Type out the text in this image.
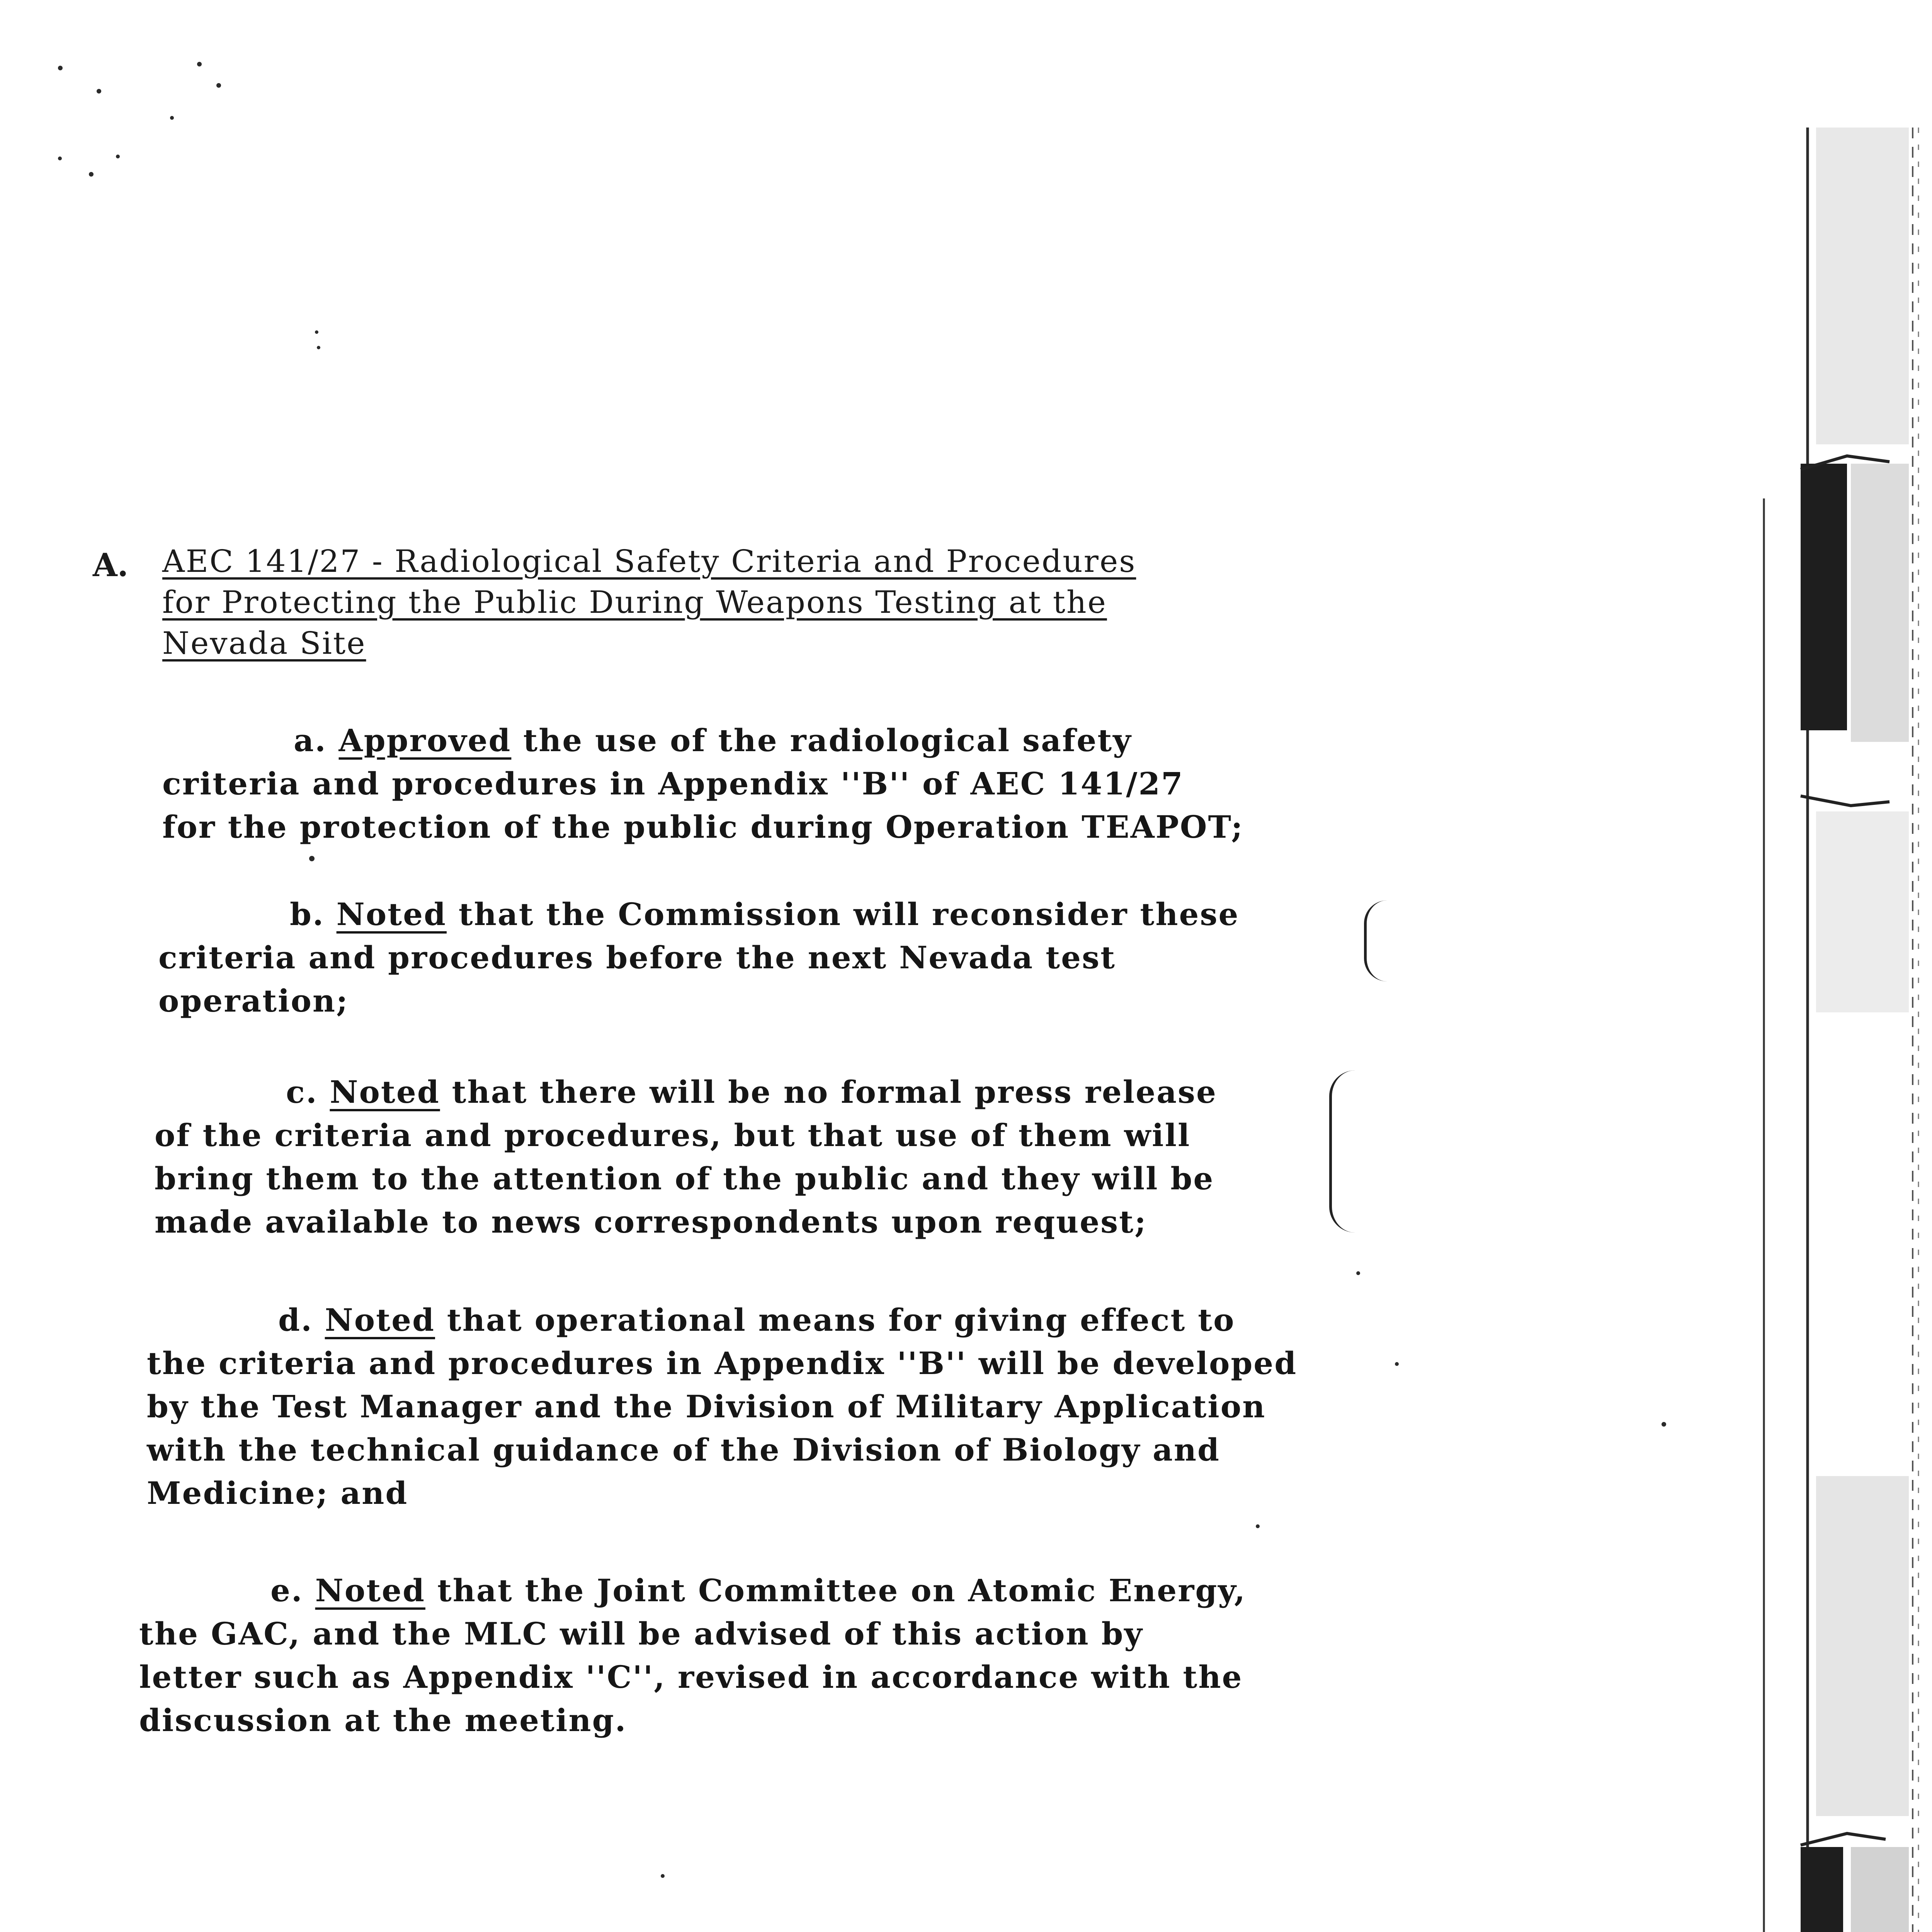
A. AEC 141/27 - Radiological Safety Criteria and Procedures
for Protecting the Public During Weapons Testing at the
Nevada Site
a. Approved the use of the radiological safety
criteria and procedures in Appendix ''B'' of AEC 141/27
for the protection of the public during Operation TEAPOT;
b. Noted that the Commission will reconsider these
criteria and procedures before the next Nevada test
operation;
c. Noted that there will be no formal press release
of the criteria and procedures, but that use of them will
bring them to the attention of the public and they will be
made available to news correspondents upon request;
d. Noted that operational means for giving effect to
the criteria and procedures in Appendix ''B'' will be developed
by the Test Manager and the Division of Military Application
with the technical guidance of the Division of Biology and
Medicine; and
e. Noted that the Joint Committee on Atomic Energy,
the GAC, and the MLC will be advised of this action by
letter such as Appendix ''C'', revised in accordance with the
discussion at the meeting.
